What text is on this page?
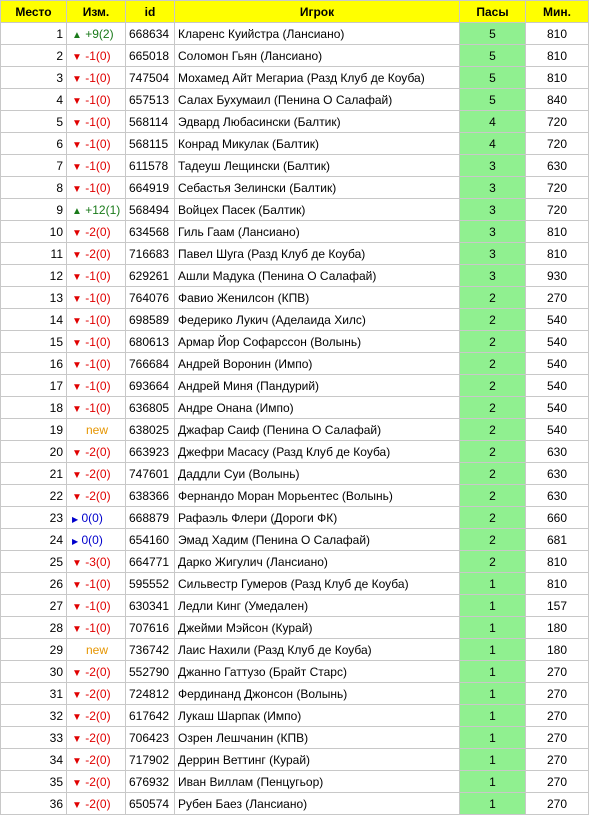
Место	Изм.	id	Игрок	Пасы	Мин.
1	▲ +9(2)	668634	Кларенс Куийстра (Лансиано)	5	810
2	▼ -1(0)	665018	Соломон Гьян (Лансиано)	5	810
3	▼ -1(0)	747504	Мохамед Айт Мегариа (Разд Клуб де Коуба)	5	810
4	▼ -1(0)	657513	Салах Бухумаил (Пенина О Салафай)	5	840
5	▼ -1(0)	568114	Эдвард Любасински (Балтик)	4	720
6	▼ -1(0)	568115	Конрад Микулак (Балтик)	4	720
7	▼ -1(0)	611578	Тадеуш Лещински (Балтик)	3	630
8	▼ -1(0)	664919	Себастья Зелински (Балтик)	3	720
9	▲ +12(1)	568494	Войцех Пасек (Балтик)	3	720
10	▼ -2(0)	634568	Гиль Гаам (Лансиано)	3	810
11	▼ -2(0)	716683	Павел Шуга (Разд Клуб де Коуба)	3	810
12	▼ -1(0)	629261	Ашли Мадука (Пенина О Салафай)	3	930
13	▼ -1(0)	764076	Фавио Женилсон (КПВ)	2	270
14	▼ -1(0)	698589	Федерико Лукич (Аделаида Хилс)	2	540
15	▼ -1(0)	680613	Армар Йор Софарссон (Волынь)	2	540
16	▼ -1(0)	766684	Андрей Воронин (Импо)	2	540
17	▼ -1(0)	693664	Андрей Миня (Пандурий)	2	540
18	▼ -1(0)	636805	Андре Онана (Импо)	2	540
19	new	638025	Джафар Саиф (Пенина О Салафай)	2	540
20	▼ -2(0)	663923	Джефри Масасу (Разд Клуб де Коуба)	2	630
21	▼ -2(0)	747601	Даддли Суи (Волынь)	2	630
22	▼ -2(0)	638366	Фернандо Моран Морьентес (Волынь)	2	630
23	▶ 0(0)	668879	Рафаэль Флери (Дороги ФК)	2	660
24	▶ 0(0)	654160	Эмад Хадим (Пенина О Салафай)	2	681
25	▼ -3(0)	664771	Дарко Жигулич (Лансиано)	2	810
26	▼ -1(0)	595552	Сильвестр Гумеров (Разд Клуб де Коуба)	1	810
27	▼ -1(0)	630341	Ледли Кинг (Умедален)	1	157
28	▼ -1(0)	707616	Джейми Мэйсон (Курай)	1	180
29	new	736742	Лаис Нахили (Разд Клуб де Коуба)	1	180
30	▼ -2(0)	552790	Джанно Гаттузо (Брайт Старс)	1	270
31	▼ -2(0)	724812	Фердинанд Джонсон (Волынь)	1	270
32	▼ -2(0)	617642	Лукаш Шарпак (Импо)	1	270
33	▼ -2(0)	706423	Озрен Лешчанин (КПВ)	1	270
34	▼ -2(0)	717902	Деррин Веттинг (Курай)	1	270
35	▼ -2(0)	676932	Иван Виллам (Пенцугьор)	1	270
36	▼ -2(0)	650574	Рубен Баез (Лансиано)	1	270
